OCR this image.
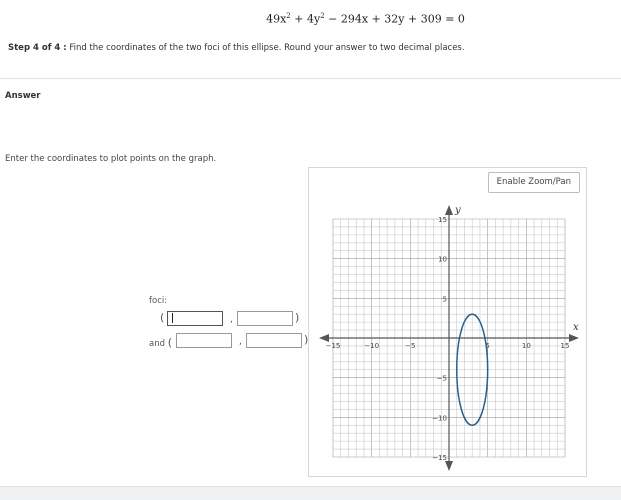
$49x^2 + 4y^2 - 294x + 32y + 309 = 0$
Step 4 of 4 : Find the coordinates of the two foci of this ellipse. Round your answer to two decimal places.
Answer
Enter the coordinates to plot points on the graph.
foci:
(	,	)
and (	,	)
Enable Zoom/Pan
x
y
−15	−10	−5	5	10	15
15
10
5
−5
−10
−15
